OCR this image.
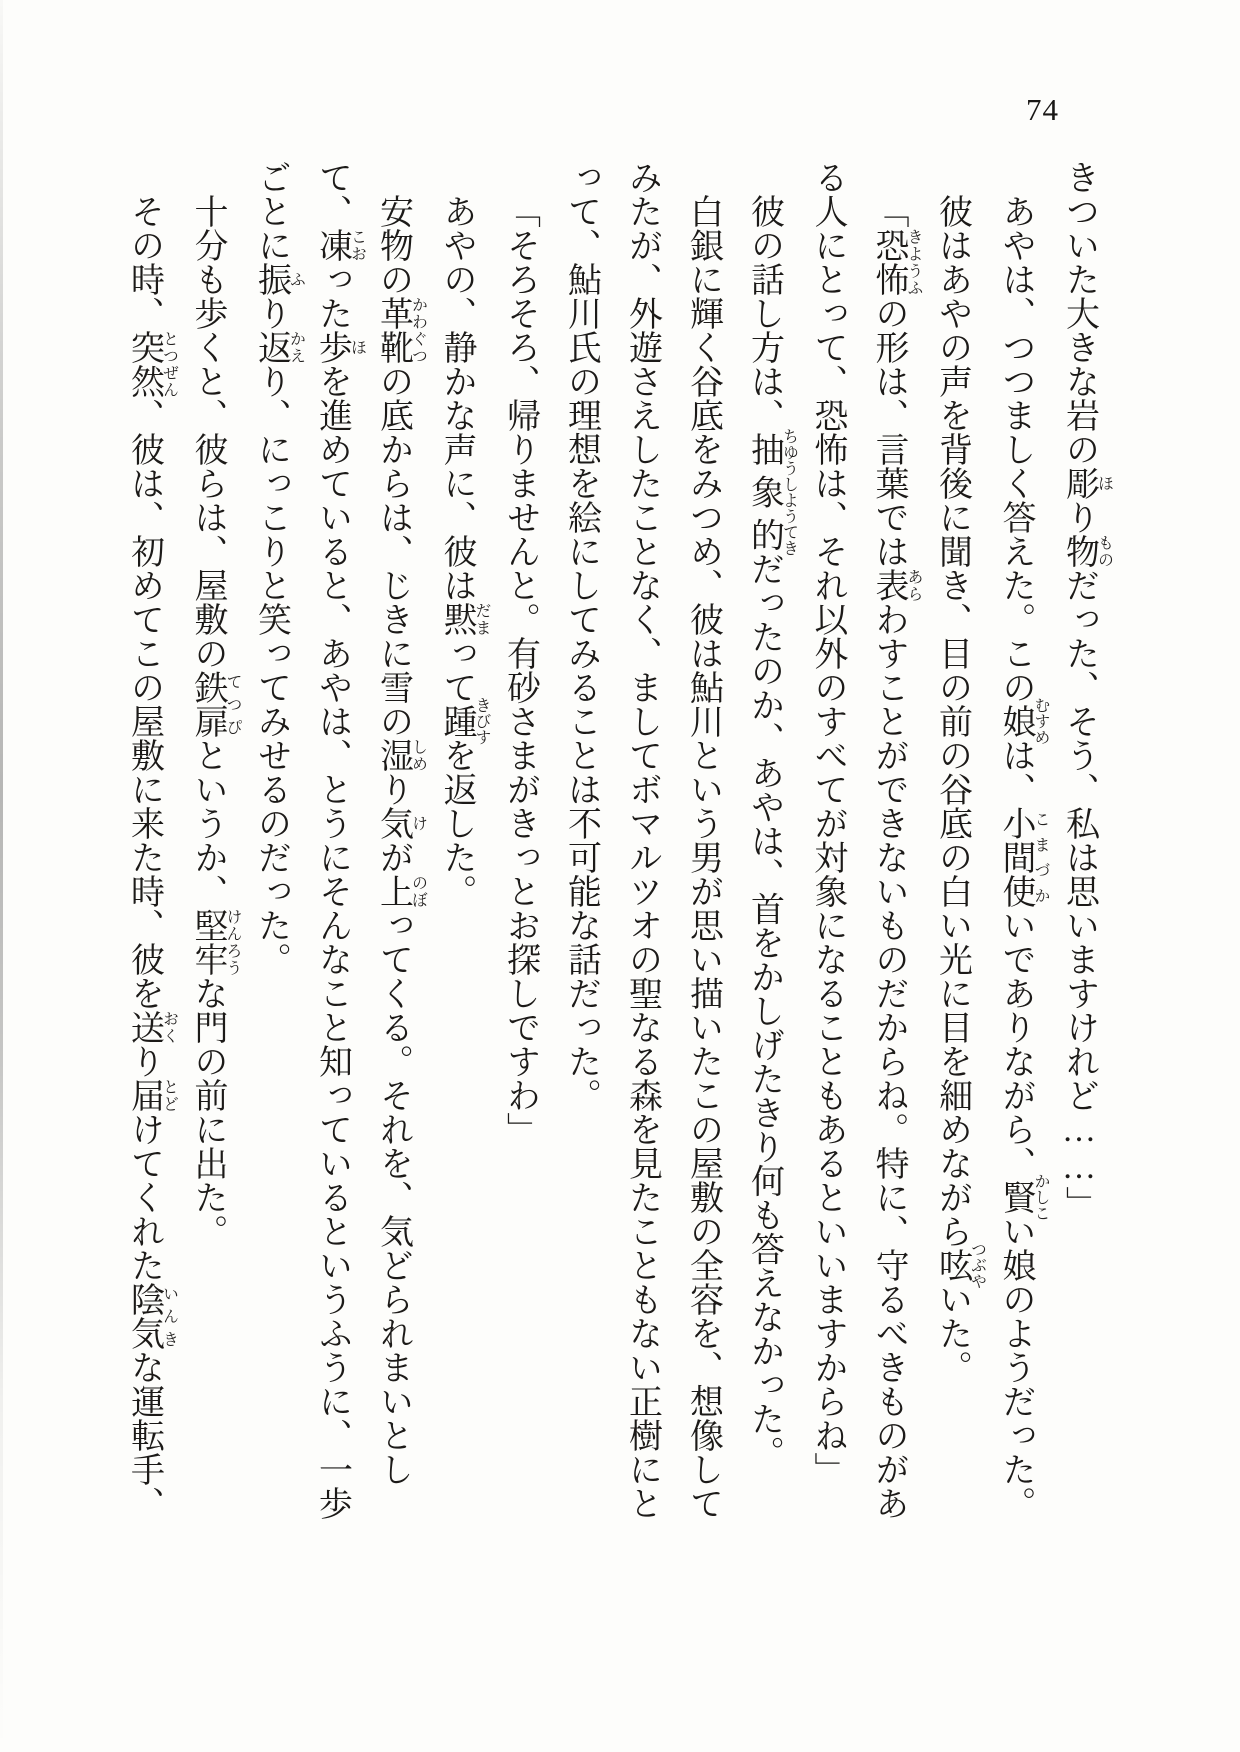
74

きついた大きな岩の彫ほり物ものだった、そう、私は思いますけれど……」

あやは、つつましく答えた。この娘むすめは、小間使こまづかいでありながら、賢かしこい娘のようだった。

彼はあやの声を背後に聞き、目の前の谷底の白い光に目を細めながら呟つぶやいた。

「恐怖きようふの形は、言葉では表あらわすことができないものだからね。特に、守るべきものがある人にとって、恐怖は、それ以外のすべてが対象になることもあるといいますからね」

彼の話し方は、抽象的ちゆうしようてきだったのか、あやは、首をかしげたきり何も答えなかった。

白銀に輝く谷底をみつめ、彼は鮎川という男が思い描いたこの屋敷の全容を、想像してみたが、外遊さえしたことなく、ましてボマルツオの聖なる森を見たこともない正樹にとって、鮎川氏の理想を絵にしてみることは不可能な話だった。

「そろそろ、帰りませんと。有砂さまがきっとお探しですわ」

あやの、静かな声に、彼は黙だまって踵きびすを返した。

安物の革靴かわぐつの底からは、じきに雪の湿しめり気けが上のぼってくる。それを、気どられまいとして、凍こおった歩ほを進めていると、あやは、とうにそんなこと知っているというふうに、一歩ごとに振ふり返かえり、にっこりと笑ってみせるのだった。

十分も歩くと、彼らは、屋敷の鉄扉てつぴというか、堅牢けんろうな門の前に出た。

その時、突然とつぜん、彼は、初めてこの屋敷に来た時、彼を送おくり届とどけてくれた陰気いんきな運転手、
